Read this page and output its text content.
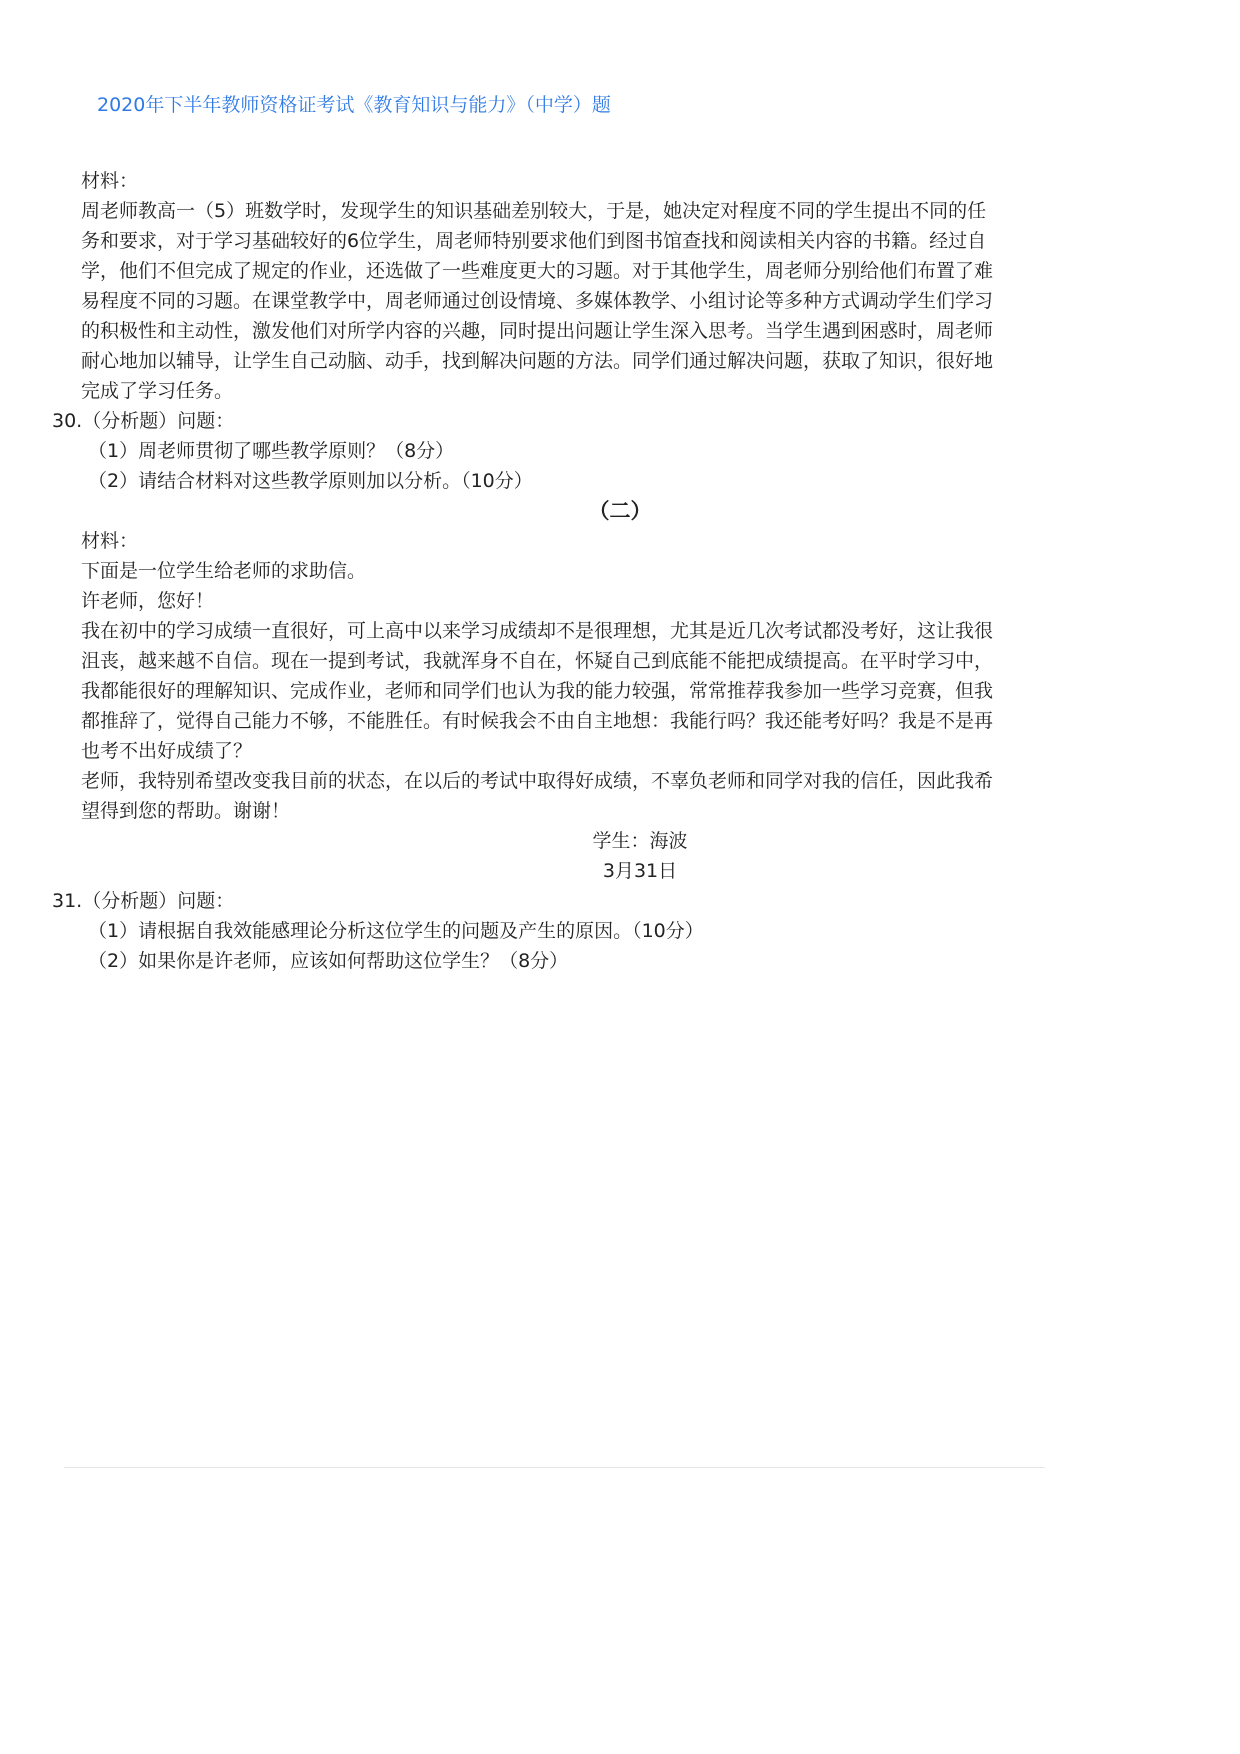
2020年下半年教师资格证考试《教育知识与能力》（中学）题
材料：
周老师教高一（5）班数学时，发现学生的知识基础差别较大，于是，她决定对程度不同的学生提出不同的任
务和要求，对于学习基础较好的6位学生，周老师特别要求他们到图书馆查找和阅读相关内容的书籍。经过自
学，他们不但完成了规定的作业，还选做了一些难度更大的习题。对于其他学生，周老师分别给他们布置了难
易程度不同的习题。在课堂教学中，周老师通过创设情境、多媒体教学、小组讨论等多种方式调动学生们学习
的积极性和主动性，激发他们对所学内容的兴趣，同时提出问题让学生深入思考。当学生遇到困惑时，周老师
耐心地加以辅导，让学生自己动脑、动手，找到解决问题的方法。同学们通过解决问题，获取了知识，很好地
完成了学习任务。
30.（分析题）问题：
（1）周老师贯彻了哪些教学原则？（8分）
（2）请结合材料对这些教学原则加以分析。（10分）
（二）
材料：
下面是一位学生给老师的求助信。
许老师，您好！
我在初中的学习成绩一直很好，可上高中以来学习成绩却不是很理想，尤其是近几次考试都没考好，这让我很
沮丧，越来越不自信。现在一提到考试，我就浑身不自在，怀疑自己到底能不能把成绩提高。在平时学习中，
我都能很好的理解知识、完成作业，老师和同学们也认为我的能力较强，常常推荐我参加一些学习竞赛，但我
都推辞了，觉得自己能力不够，不能胜任。有时候我会不由自主地想：我能行吗？我还能考好吗？我是不是再
也考不出好成绩了？
老师，我特别希望改变我目前的状态，在以后的考试中取得好成绩，不辜负老师和同学对我的信任，因此我希
望得到您的帮助。谢谢！
学生：海波
3月31日
31.（分析题）问题：
（1）请根据自我效能感理论分析这位学生的问题及产生的原因。（10分）
（2）如果你是许老师，应该如何帮助这位学生？（8分）
